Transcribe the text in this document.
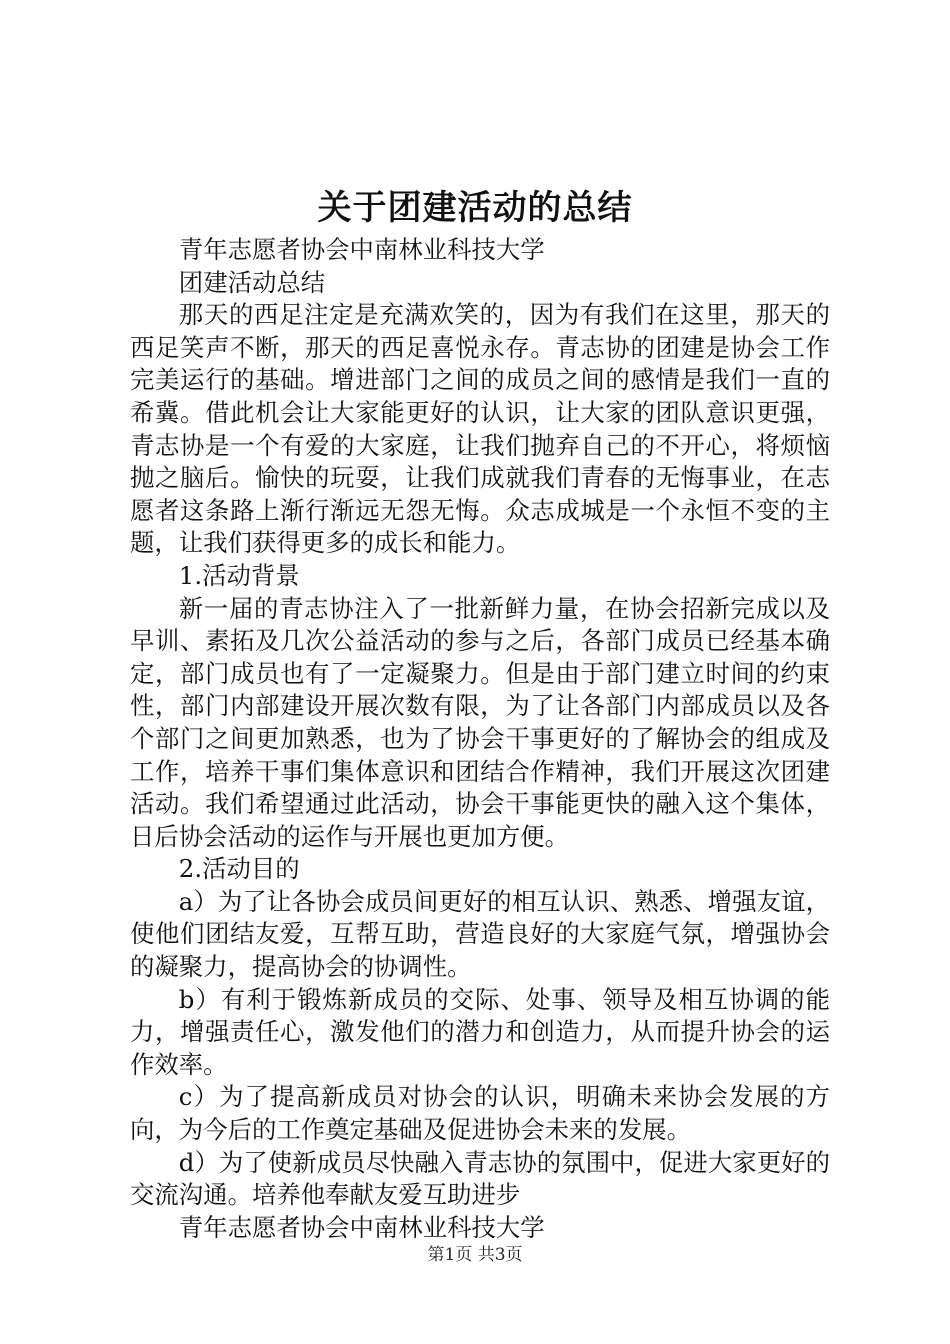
关于团建活动的总结

青年志愿者协会中南林业科技大学

团建活动总结

那天的西足注定是充满欢笑的，因为有我们在这里，那天的西足笑声不断，那天的西足喜悦永存。青志协的团建是协会工作完美运行的基础。增进部门之间的成员之间的感情是我们一直的希冀。借此机会让大家能更好的认识，让大家的团队意识更强，青志协是一个有爱的大家庭，让我们抛弃自己的不开心，将烦恼抛之脑后。愉快的玩耍，让我们成就我们青春的无悔事业，在志愿者这条路上渐行渐远无怨无悔。众志成城是一个永恒不变的主题，让我们获得更多的成长和能力。

1.活动背景

新一届的青志协注入了一批新鲜力量，在协会招新完成以及早训、素拓及几次公益活动的参与之后，各部门成员已经基本确定，部门成员也有了一定凝聚力。但是由于部门建立时间的约束性，部门内部建设开展次数有限，为了让各部门内部成员以及各个部门之间更加熟悉，也为了协会干事更好的了解协会的组成及工作，培养干事们集体意识和团结合作精神，我们开展这次团建活动。我们希望通过此活动，协会干事能更快的融入这个集体，日后协会活动的运作与开展也更加方便。

2.活动目的

a）为了让各协会成员间更好的相互认识、熟悉、增强友谊，使他们团结友爱，互帮互助，营造良好的大家庭气氛，增强协会的凝聚力，提高协会的协调性。

b）有利于锻炼新成员的交际、处事、领导及相互协调的能力，增强责任心，激发他们的潜力和创造力，从而提升协会的运作效率。

c）为了提高新成员对协会的认识，明确未来协会发展的方向，为今后的工作奠定基础及促进协会未来的发展。

d）为了使新成员尽快融入青志协的氛围中，促进大家更好的交流沟通。培养他奉献友爱互助进步

青年志愿者协会中南林业科技大学

第1页 共3页
